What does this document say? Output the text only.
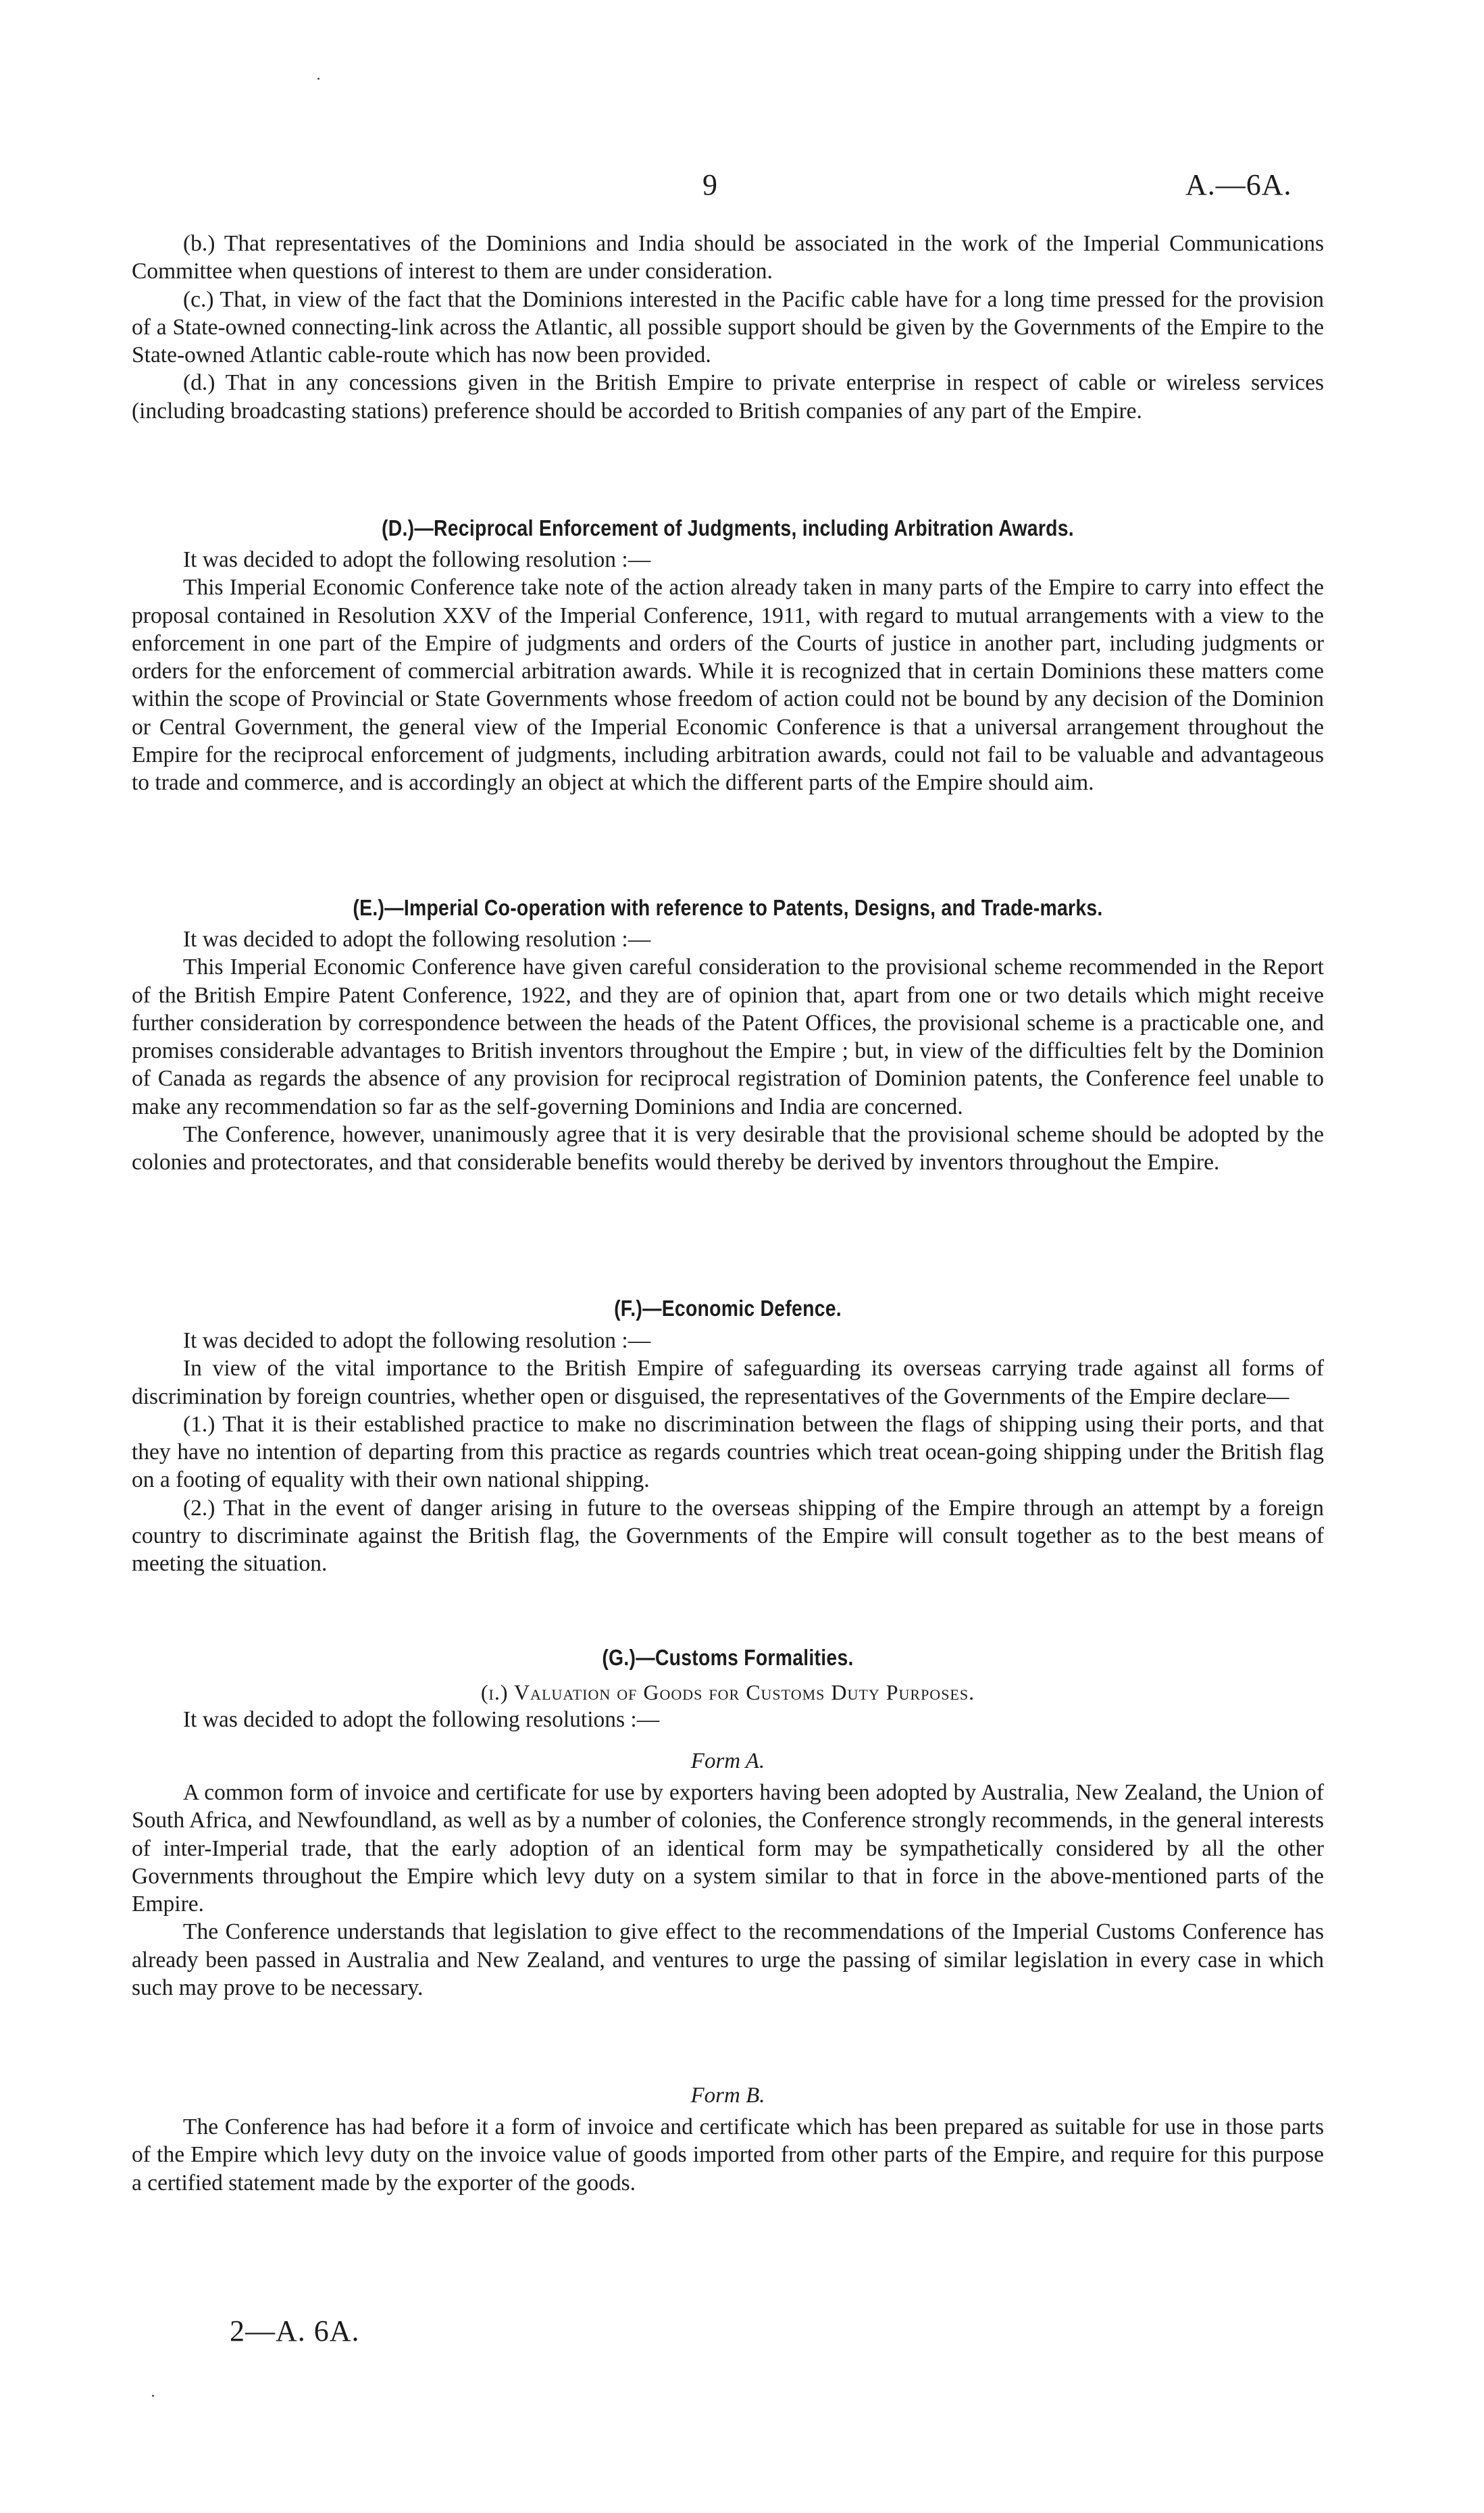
9	A.—6A.

(b.) That representatives of the Dominions and India should be associated in the work of the Imperial Communications Committee when questions of interest to them are under consideration.

(c.) That, in view of the fact that the Dominions interested in the Pacific cable have for a long time pressed for the provision of a State-owned connecting-link across the Atlantic, all possible support should be given by the Governments of the Empire to the State-owned Atlantic cable-route which has now been provided.

(d.) That in any concessions given in the British Empire to private enterprise in respect of cable or wireless services (including broadcasting stations) preference should be accorded to British companies of any part of the Empire.

(D.)—Reciprocal Enforcement of Judgments, including Arbitration Awards.

It was decided to adopt the following resolution :—

This Imperial Economic Conference take note of the action already taken in many parts of the Empire to carry into effect the proposal contained in Resolution XXV of the Imperial Conference, 1911, with regard to mutual arrangements with a view to the enforcement in one part of the Empire of judgments and orders of the Courts of justice in another part, including judgments or orders for the enforcement of commercial arbitration awards. While it is recognized that in certain Dominions these matters come within the scope of Provincial or State Governments whose freedom of action could not be bound by any decision of the Dominion or Central Government, the general view of the Imperial Economic Conference is that a universal arrangement throughout the Empire for the reciprocal enforcement of judgments, including arbitration awards, could not fail to be valuable and advantageous to trade and commerce, and is accordingly an object at which the different parts of the Empire should aim.

(E.)—Imperial Co-operation with reference to Patents, Designs, and Trade-marks.

It was decided to adopt the following resolution :—

This Imperial Economic Conference have given careful consideration to the provisional scheme recommended in the Report of the British Empire Patent Conference, 1922, and they are of opinion that, apart from one or two details which might receive further consideration by correspondence between the heads of the Patent Offices, the provisional scheme is a practicable one, and promises considerable advantages to British inventors throughout the Empire ; but, in view of the difficulties felt by the Dominion of Canada as regards the absence of any provision for reciprocal registration of Dominion patents, the Conference feel unable to make any recommendation so far as the self-governing Dominions and India are concerned.

The Conference, however, unanimously agree that it is very desirable that the provisional scheme should be adopted by the colonies and protectorates, and that considerable benefits would thereby be derived by inventors throughout the Empire.

(F.)—Economic Defence.

It was decided to adopt the following resolution :—

In view of the vital importance to the British Empire of safeguarding its overseas carrying trade against all forms of discrimination by foreign countries, whether open or disguised, the representatives of the Governments of the Empire declare—

(1.) That it is their established practice to make no discrimination between the flags of shipping using their ports, and that they have no intention of departing from this practice as regards countries which treat ocean-going shipping under the British flag on a footing of equality with their own national shipping.

(2.) That in the event of danger arising in future to the overseas shipping of the Empire through an attempt by a foreign country to discriminate against the British flag, the Governments of the Empire will consult together as to the best means of meeting the situation.

(G.)—Customs Formalities.
(i.) Valuation of Goods for Customs Duty Purposes.

It was decided to adopt the following resolutions :—

Form A.

A common form of invoice and certificate for use by exporters having been adopted by Australia, New Zealand, the Union of South Africa, and Newfoundland, as well as by a number of colonies, the Conference strongly recommends, in the general interests of inter-Imperial trade, that the early adoption of an identical form may be sympathetically considered by all the other Governments throughout the Empire which levy duty on a system similar to that in force in the above-mentioned parts of the Empire.

The Conference understands that legislation to give effect to the recommendations of the Imperial Customs Conference has already been passed in Australia and New Zealand, and ventures to urge the passing of similar legislation in every case in which such may prove to be necessary.

Form B.

The Conference has had before it a form of invoice and certificate which has been prepared as suitable for use in those parts of the Empire which levy duty on the invoice value of goods imported from other parts of the Empire, and require for this purpose a certified statement made by the exporter of the goods.

2—A. 6A.
